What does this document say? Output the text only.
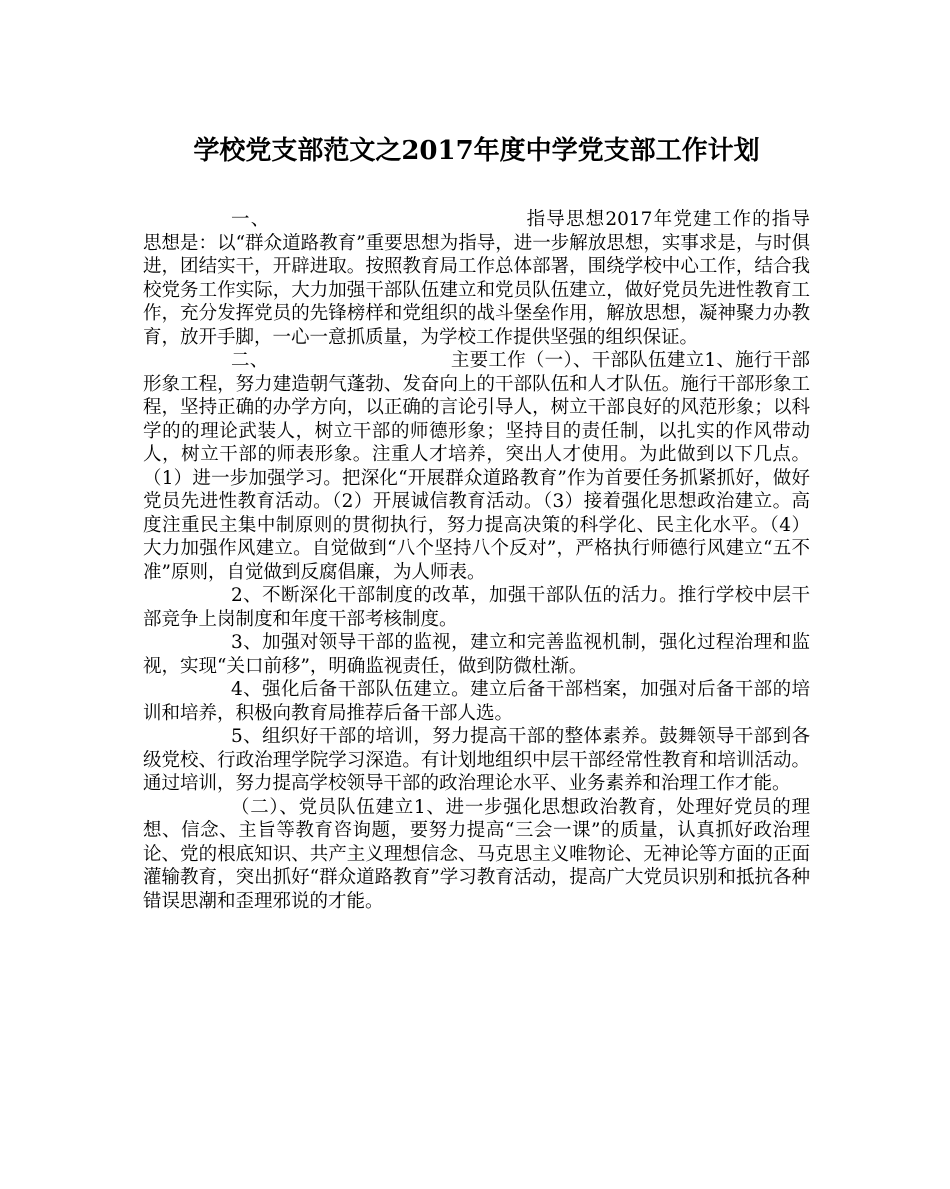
学校党支部范文之2017年度中学党支部工作计划

一、	指导思想2017年党建工作的指导思想是：以“群众道路教育”重要思想为指导，进一步解放思想，实事求是，与时俱进，团结实干，开辟进取。按照教育局工作总体部署，围绕学校中心工作，结合我校党务工作实际，大力加强干部队伍建立和党员队伍建立，做好党员先进性教育工作，充分发挥党员的先锋榜样和党组织的战斗堡垒作用，解放思想，凝神聚力办教育，放开手脚，一心一意抓质量，为学校工作提供坚强的组织保证。

二、	主要工作（一）、干部队伍建立1、施行干部形象工程，努力建造朝气蓬勃、发奋向上的干部队伍和人才队伍。施行干部形象工程，坚持正确的办学方向，以正确的言论引导人，树立干部良好的风范形象；以科学的的理论武装人，树立干部的师德形象；坚持目的责任制，以扎实的作风带动人，树立干部的师表形象。注重人才培养，突出人才使用。为此做到以下几点。（1）进一步加强学习。把深化“开展群众道路教育”作为首要任务抓紧抓好，做好党员先进性教育活动。（2）开展诚信教育活动。（3）接着强化思想政治建立。高度注重民主集中制原则的贯彻执行，努力提高决策的科学化、民主化水平。（4）大力加强作风建立。自觉做到“八个坚持八个反对”，严格执行师德行风建立“五不准”原则，自觉做到反腐倡廉，为人师表。

2、不断深化干部制度的改革，加强干部队伍的活力。推行学校中层干部竞争上岗制度和年度干部考核制度。

3、加强对领导干部的监视，建立和完善监视机制，强化过程治理和监视，实现“关口前移”，明确监视责任，做到防微杜渐。

4、强化后备干部队伍建立。建立后备干部档案，加强对后备干部的培训和培养，积极向教育局推荐后备干部人选。

5、组织好干部的培训，努力提高干部的整体素养。鼓舞领导干部到各级党校、行政治理学院学习深造。有计划地组织中层干部经常性教育和培训活动。通过培训，努力提高学校领导干部的政治理论水平、业务素养和治理工作才能。

（二）、党员队伍建立1、进一步强化思想政治教育，处理好党员的理想、信念、主旨等教育咨询题，要努力提高“三会一课”的质量，认真抓好政治理论、党的根底知识、共产主义理想信念、马克思主义唯物论、无神论等方面的正面灌输教育，突出抓好“群众道路教育”学习教育活动，提高广大党员识别和抵抗各种错误思潮和歪理邪说的才能。
